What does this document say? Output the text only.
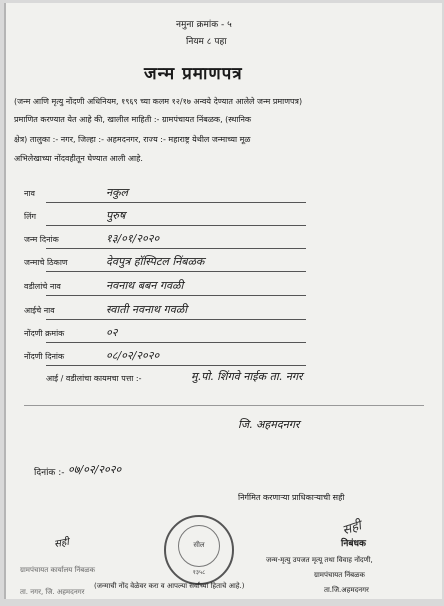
नमुना क्रमांक - ५
नियम ८ पहा
जन्म प्रमाणपत्र
(जन्म आणि मृत्यु नोंदणी अधिनियम, १९६९ च्या कलम १२/१७ अन्वये देण्यात आलेले जन्म प्रमाणपत्र)
प्रमाणित करण्यात येत आहे की, खालील माहिती :- ग्रामपंचायत निंबळक, (स्थानिक
क्षेत्र) तालुका :- नगर, जिल्हा :- अहमदनगर, राज्य :- महाराष्ट्र येथील जन्माच्या मूळ
अभिलेखाच्या नोंदवहीतून घेण्यात आली आहे.
नाव	नकुल
लिंग	पुरुष
जन्म दिनांक	१३/०१/२०२०
जन्माचे ठिकाण	देवपुत्र हॉस्पिटल निंबळक
वडीलांचे नाव	नवनाथ बबन गवळी
आईचे नाव	स्वाती नवनाथ गवळी
नोंदणी क्रमांक	०२
नोंदणी दिनांक	०८/०२/२०२०
आई / वडीलांचा कायमचा पत्ता :-	मु.पो. शिंगवे नाईक ता. नगर
जि. अहमदनगर
दिनांक :- ०७/०२/२०२०
निर्गमित करणाऱ्या प्राधिकाऱ्याची सही
सील
१३५८
सही
सही
निबंधक
जन्म-मृत्यु उपजत मृत्यू तथा विवाह नोंदणी,
ग्रामपंचायत निंबळक
ता.जि.अहमदनगर
ग्रामपंचायत कार्यालय निंबळक
(जन्माची नोंद वेळेवर करा व आपल्या सर्वांच्या हिताचे आहे.)
ता. नगर, जि. अहमदनगर
